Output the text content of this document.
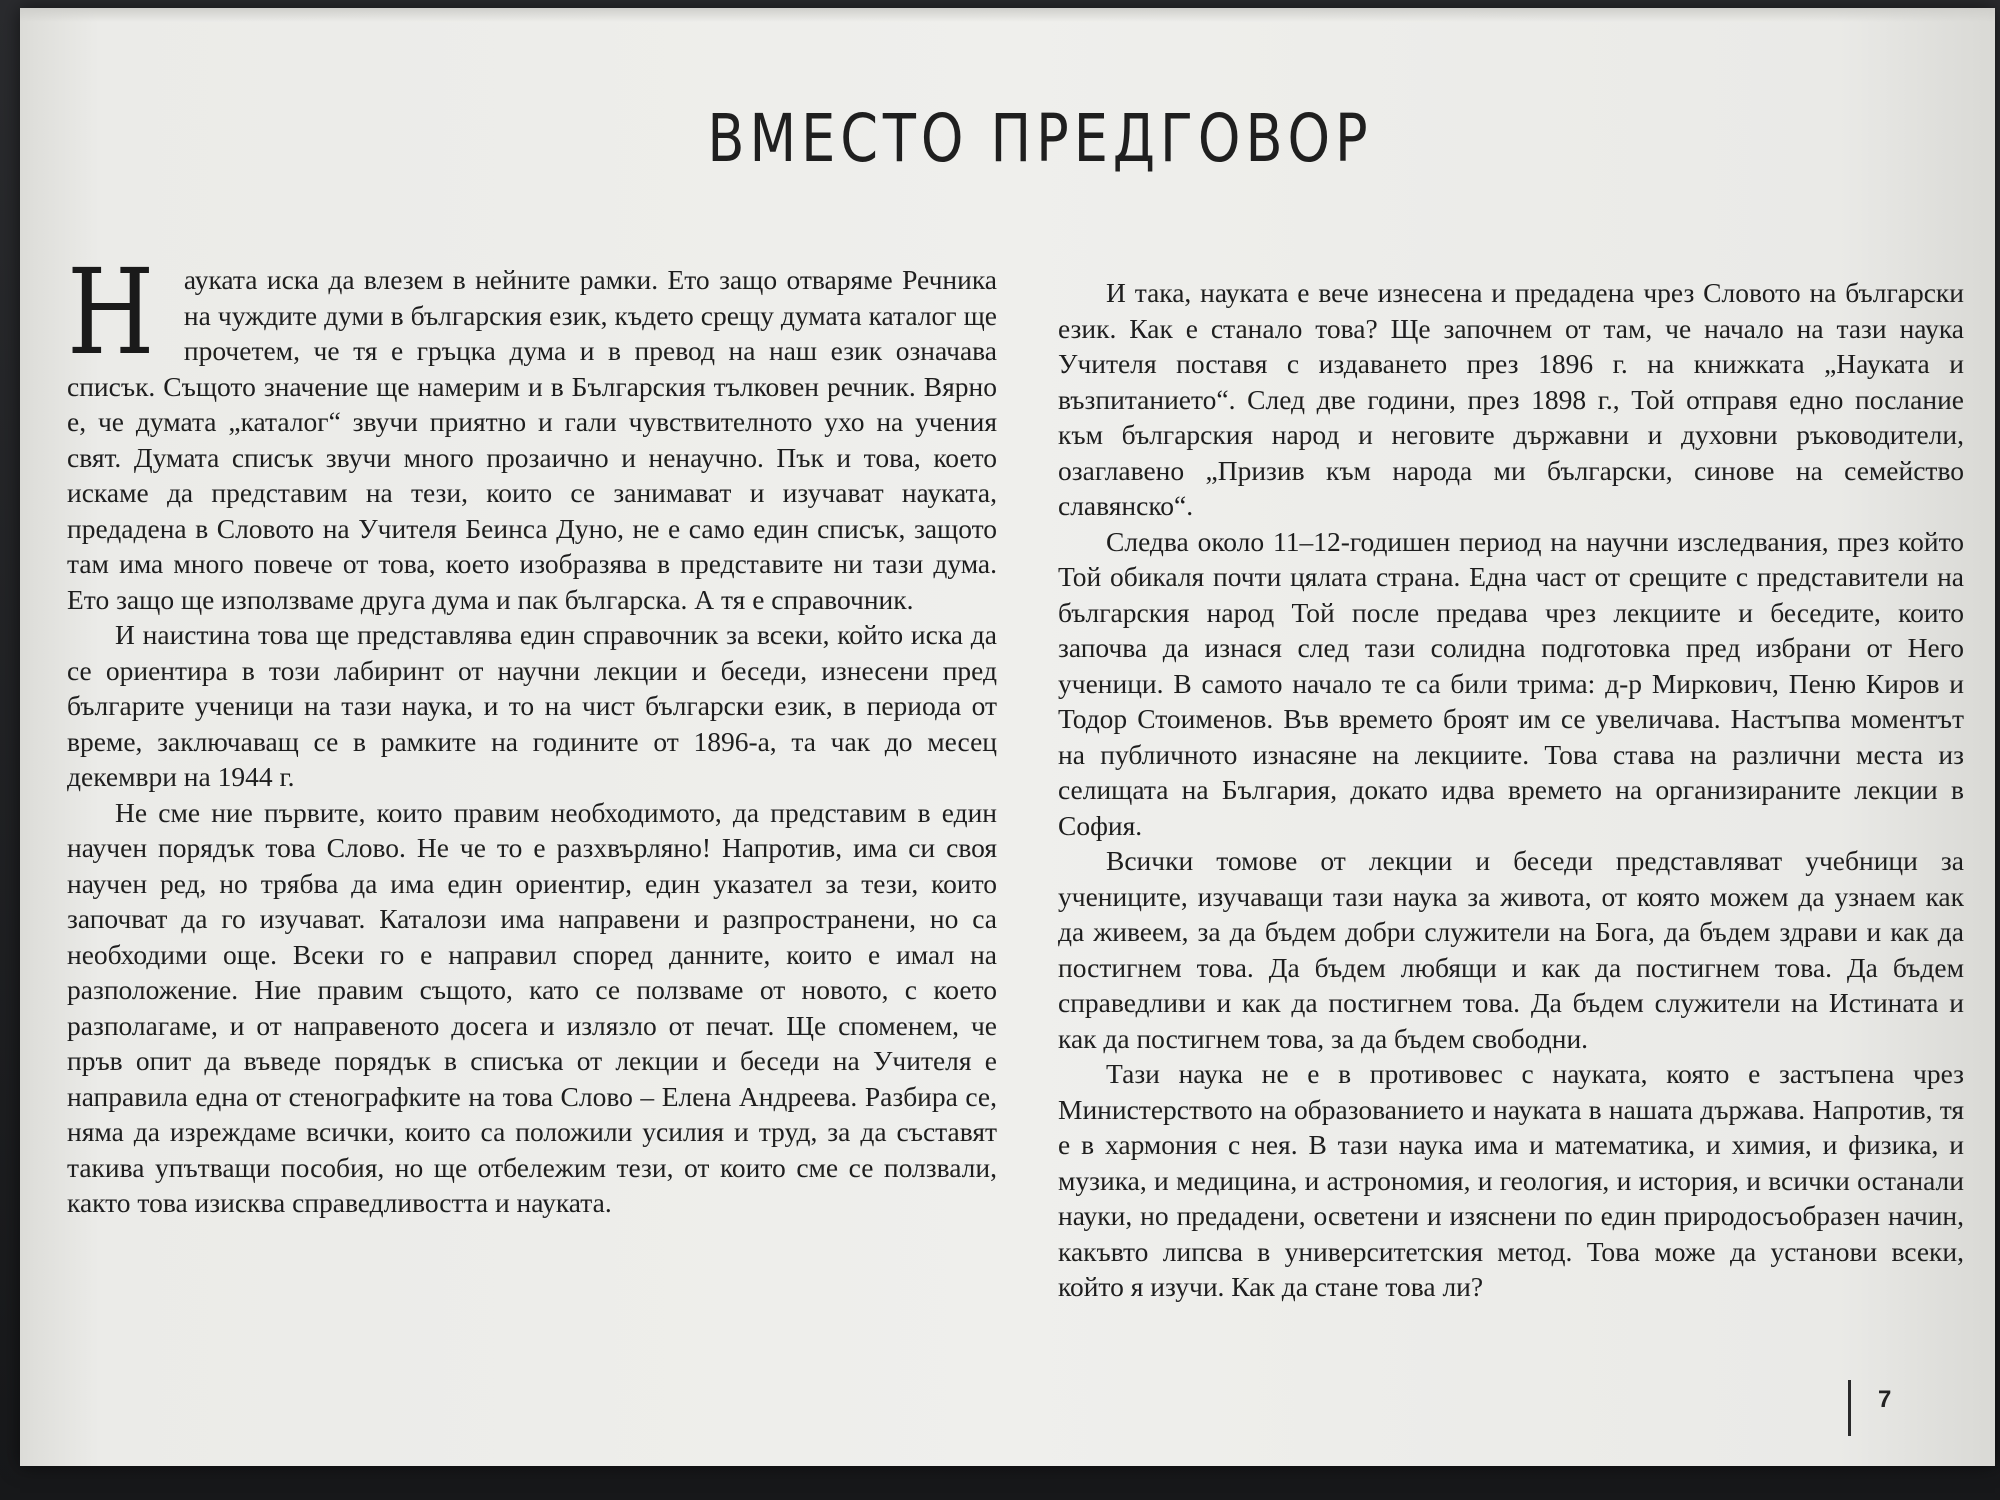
ВМЕСТО ПРЕДГОВОР

Н ауката иска да влезем в нейните рамки. Ето защо отваряме Речника на чуждите думи в българския език, където срещу думата каталог ще прочетем, че тя е гръцка дума и в превод на наш език означава списък. Същото значение ще намерим и в Българския тълковен речник. Вярно е, че думата „каталог“ звучи приятно и гали чувствителното ухо на учения свят. Думата списък звучи много прозаично и ненаучно. Пък и това, което искаме да представим на тези, които се занимават и изучават науката, предадена в Словото на Учителя Беинса Дуно, не е само един списък, защото там има много повече от това, което изобразява в представите ни тази дума. Ето защо ще използваме друга дума и пак българска. А тя е справочник.

И наистина това ще представлява един справочник за всеки, който иска да се ориентира в този лабиринт от научни лекции и беседи, изнесени пред българите ученици на тази наука, и то на чист български език, в периода от време, заключаващ се в рамките на годините от 1896-а, та чак до месец декември на 1944 г.

Не сме ние първите, които правим необходимото, да представим в един научен порядък това Слово. Не че то е разхвърляно! Напротив, има си своя научен ред, но трябва да има един ориентир, един указател за тези, които започват да го изучават. Каталози има направени и разпространени, но са необходими още. Всеки го е направил според данните, които е имал на разположение. Ние правим същото, като се ползваме от новото, с което разполагаме, и от направеното досега и излязло от печат. Ще споменем, че пръв опит да въведе порядък в списъка от лекции и беседи на Учителя е направила една от стенографките на това Слово – Елена Андреева. Разбира се, няма да изреждаме всички, които са положили усилия и труд, за да съставят такива упътващи пособия, но ще отбележим тези, от които сме се ползвали, както това изисква справедливостта и науката.

И така, науката е вече изнесена и предадена чрез Словото на български език. Как е станало това? Ще започнем от там, че начало на тази наука Учителя поставя с издаването през 1896 г. на книжката „Науката и възпитанието“. След две години, през 1898 г., Той отправя едно послание към българския народ и неговите държавни и духовни ръководители, озаглавено „Призив към народа ми български, синове на семейство славянско“.

Следва около 11–12-годишен период на научни изследвания, през който Той обикаля почти цялата страна. Една част от срещите с представители на българския народ Той после предава чрез лекциите и беседите, които започва да изнася след тази солидна подготовка пред избрани от Него ученици. В самото начало те са били трима: д-р Миркович, Пеню Киров и Тодор Стоименов. Във времето броят им се увеличава. Настъпва моментът на публичното изнасяне на лекциите. Това става на различни места из селищата на България, докато идва времето на организираните лекции в София.

Всички томове от лекции и беседи представляват учебници за учениците, изучаващи тази наука за живота, от която можем да узнаем как да живеем, за да бъдем добри служители на Бога, да бъдем здрави и как да постигнем това. Да бъдем любящи и как да постигнем това. Да бъдем справедливи и как да постигнем това. Да бъдем служители на Истината и как да постигнем това, за да бъдем свободни.

Тази наука не е в противовес с науката, която е застъпена чрез Министерството на образованието и науката в нашата държава. Напротив, тя е в хармония с нея. В тази наука има и математика, и химия, и физика, и музика, и медицина, и астрономия, и геология, и история, и всички останали науки, но предадени, осветени и изяснени по един природосъобразен начин, какъвто липсва в университетския метод. Това може да установи всеки, който я изучи. Как да стане това ли?

7
